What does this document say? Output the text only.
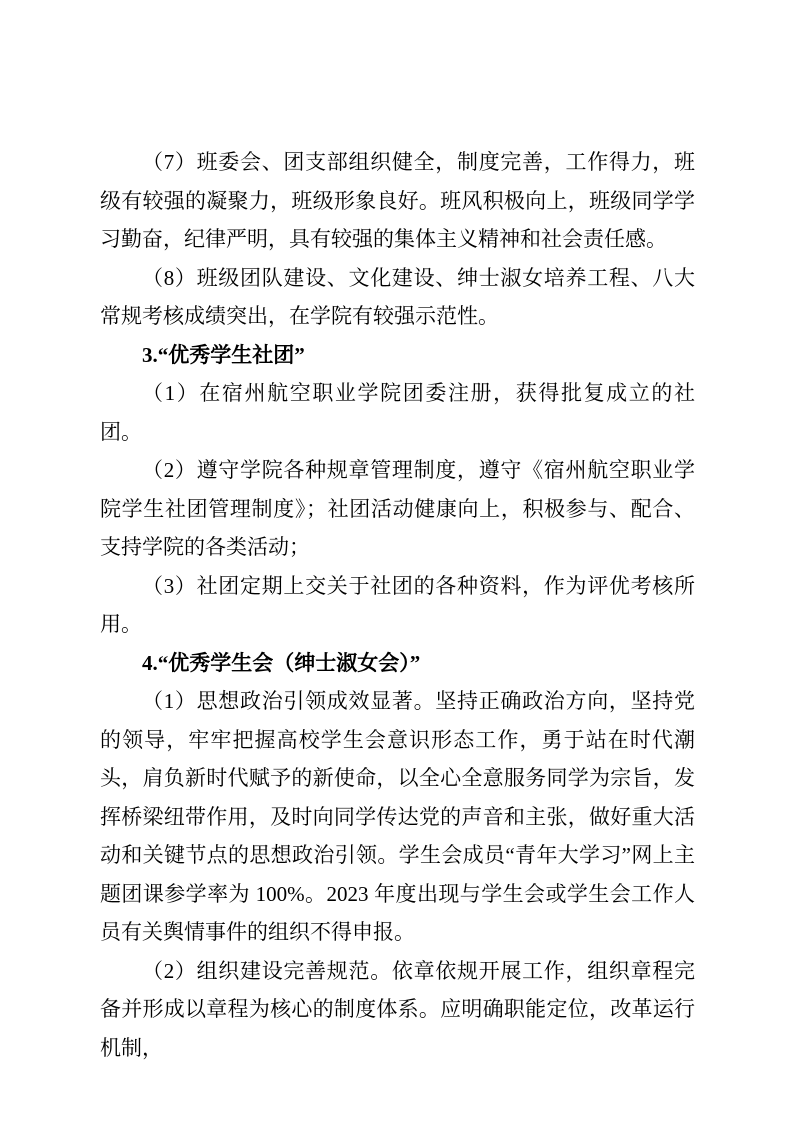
（7）班委会、团支部组织健全，制度完善，工作得力，班级有较强的凝聚力，班级形象良好。班风积极向上，班级同学学习勤奋，纪律严明，具有较强的集体主义精神和社会责任感。

（8）班级团队建设、文化建设、绅士淑女培养工程、八大常规考核成绩突出，在学院有较强示范性。

3.“优秀学生社团”

（1）在宿州航空职业学院团委注册，获得批复成立的社团。

（2）遵守学院各种规章管理制度，遵守《宿州航空职业学院学生社团管理制度》；社团活动健康向上，积极参与、配合、支持学院的各类活动；

（3）社团定期上交关于社团的各种资料，作为评优考核所用。

4.“优秀学生会（绅士淑女会）”

（1）思想政治引领成效显著。坚持正确政治方向，坚持党的领导，牢牢把握高校学生会意识形态工作，勇于站在时代潮头，肩负新时代赋予的新使命，以全心全意服务同学为宗旨，发挥桥梁纽带作用，及时向同学传达党的声音和主张，做好重大活动和关键节点的思想政治引领。学生会成员“青年大学习”网上主题团课参学率为 100%。2023 年度出现与学生会或学生会工作人员有关舆情事件的组织不得申报。

（2）组织建设完善规范。依章依规开展工作，组织章程完备并形成以章程为核心的制度体系。应明确职能定位，改革运行机制，
